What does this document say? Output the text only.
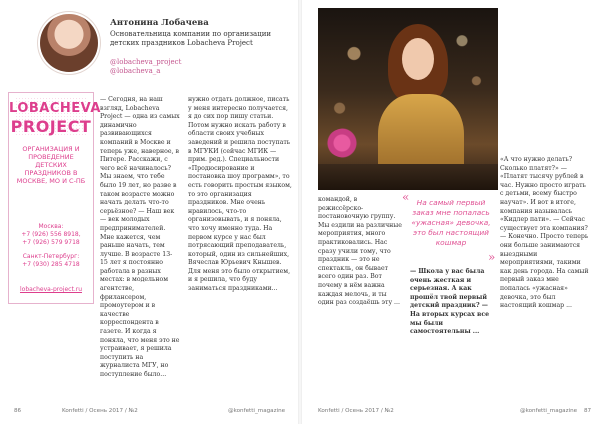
Антонина Лобачева
Основательница компании по организации детских праздников Lobacheva Project
@lobacheva_project
@lobacheva_a
LOBACHEVA
PROJECT
ОРГАНИЗАЦИЯ И ПРОВЕДЕНИЕ ДЕТСКИХ ПРАЗДНИКОВ В МОСКВЕ, МО И С-ПБ
Москва:
+7 (926) 556 8918,
+7 (926) 579 9718
Санкт-Петербург:
+7 (930) 285 4718
lobacheva-project.ru

— Сегодня, на наш взгляд, Lobacheva Project — одна из самых динамично развивающихся компаний в Москве и теперь уже, наверное, в Питере. Расскажи, с чего всё начиналось? Мы знаем, что тебе было 19 лет, но разве в таком возрасте можно начать делать что-то серьёзное? — Наш век — век молодых предпринимателей. Мне кажется, чем раньше начать, тем лучше. В возрасте 13-15 лет я постоянно работала в разных местах: в модельном агентстве, фрилансером, промоутером и в качестве корреспондента в газете. И когда я поняла, что меня это не устраивает, я решила поступить на журналиста МГУ, но поступление было...

нужно отдать должное, писать у меня интересно получается, я до сих пор пишу статьи. Потом нужно искать работу в области своих учебных заведений и решила поступать в МГУКИ (сейчас МГИК — прим. ред.). Специальности «Продюсирование и постановка шоу программ», то есть говорить простым языком, то это организация праздников. Мне очень нравилось, что-то организовывать, и я поняла, что хочу именно туда. На первом курсе у нас был потрясающий преподаватель, который, один из сильнейших, Вячеслав Юрьевич Кнышев. Для меня это было открытием, и я решила, что буду заниматься праздниками...

командой, в режиссёрско-постановочную группу. Мы ездили на различные мероприятия, много практиковались. Нас сразу учили тому, что праздник — это не спектакль, он бывает всего один раз. Вот почему в нём важна каждая мелочь, и ты один раз создаёшь эту ...

« На самый первый заказ мне попалась «ужасная» девочка, это был настоящий кошмар
»

— Школа у вас была очень жесткая и серьезная. А как прошёл твой первый детский праздник? — На вторых курсах все мы были самостоятельны ...

«А что нужно делать? Сколько платят?» — «Платят тысячу рублей в час. Нужно просто играть с детьми, всему быстро научат». И вот в итоге, компания называлась «Кидлер пати». — Сейчас существует эта компания? — Конечно. Просто теперь они больше занимаются выездными мероприятиями, такими как день города. На самый первый заказ мне попалась «ужасная» девочка, это был настоящий кошмар ...

86	Konfetti / Осень 2017 / №2	@konfetti_magazine	Konfetti / Осень 2017 / №2	@konfetti_magazine 87
